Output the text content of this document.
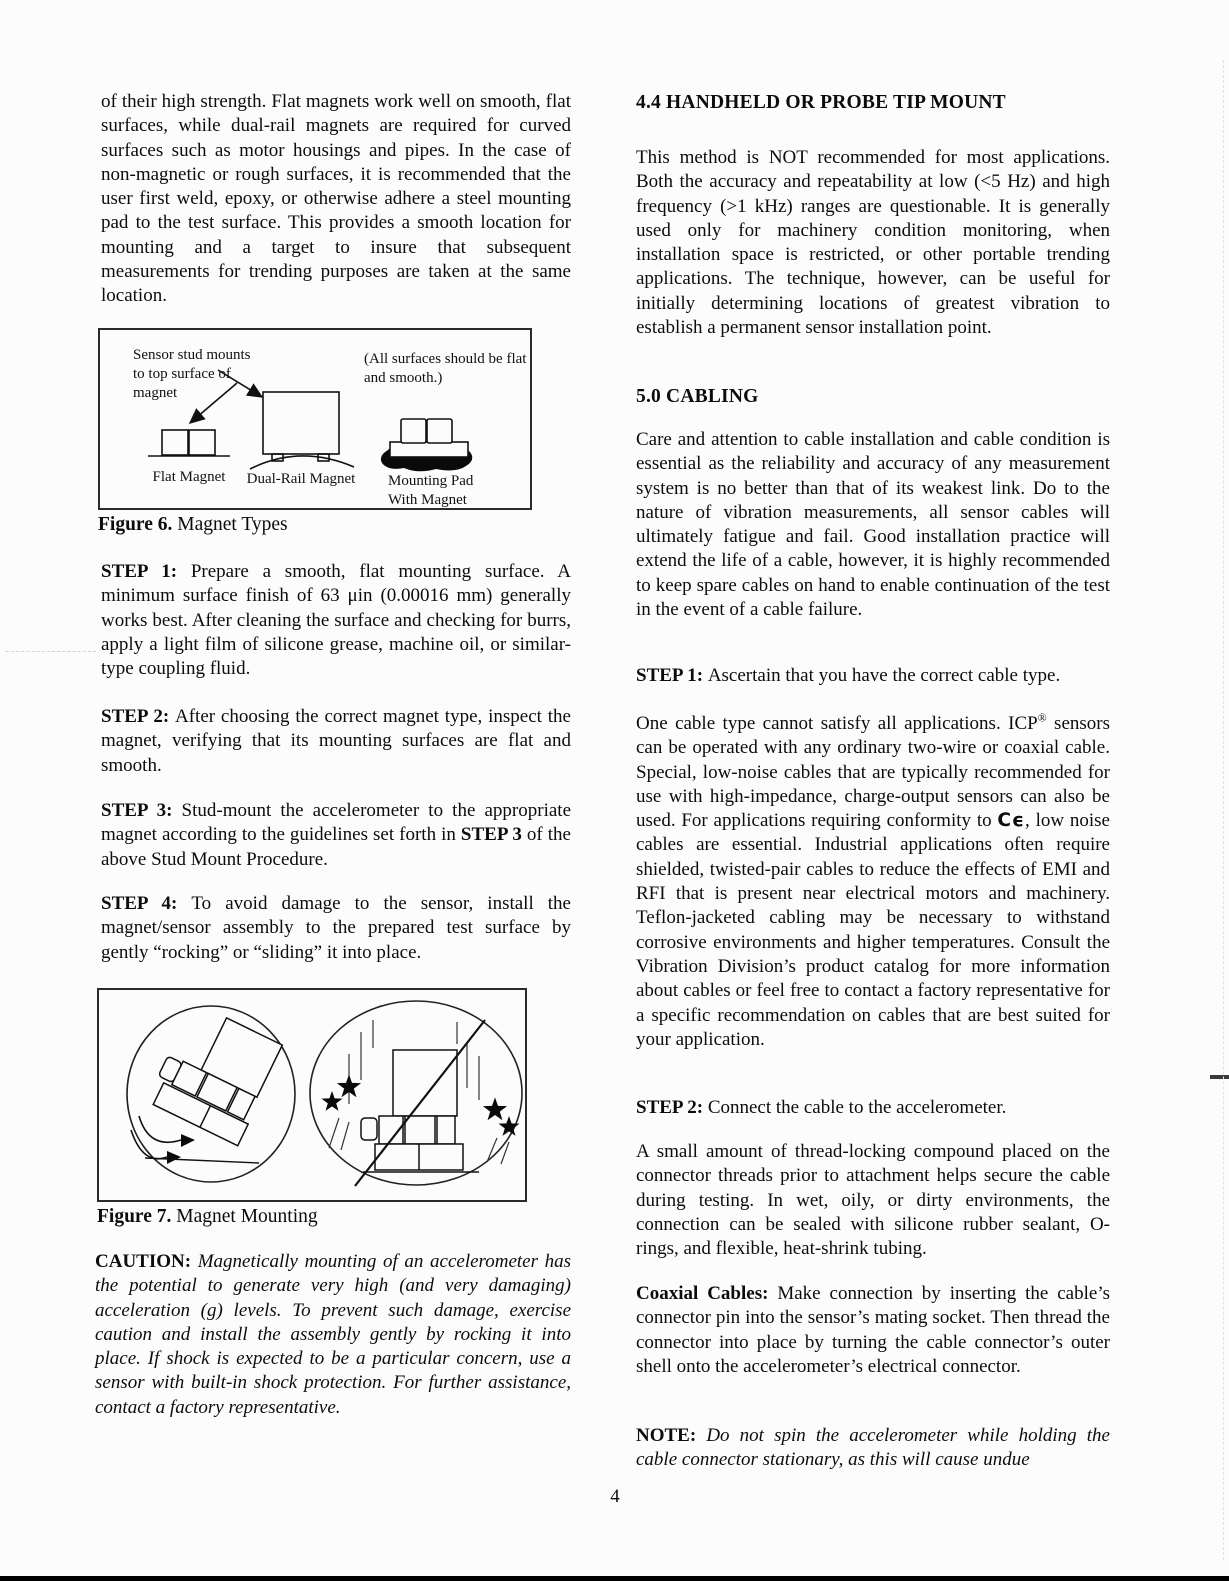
of their high strength. Flat magnets work well on smooth, flat surfaces, while dual-rail magnets are required for curved surfaces such as motor housings and pipes. In the case of non-magnetic or rough surfaces, it is recommended that the user first weld, epoxy, or otherwise adhere a steel mounting pad to the test surface. This provides a smooth location for mounting and a target to insure that subsequent measurements for trending purposes are taken at the same location.
Sensor stud mounts to top surface of magnet
(All surfaces should be flat and smooth.)
Flat Magnet	Dual-Rail Magnet	Mounting Pad With Magnet
Figure 6. Magnet Types
STEP 1: Prepare a smooth, flat mounting surface. A minimum surface finish of 63 μin (0.00016 mm) generally works best. After cleaning the surface and checking for burrs, apply a light film of silicone grease, machine oil, or similar-type coupling fluid.
STEP 2: After choosing the correct magnet type, inspect the magnet, verifying that its mounting surfaces are flat and smooth.
STEP 3: Stud-mount the accelerometer to the appropriate magnet according to the guidelines set forth in STEP 3 of the above Stud Mount Procedure.
STEP 4: To avoid damage to the sensor, install the magnet/sensor assembly to the prepared test surface by gently “rocking” or “sliding” it into place.
Figure 7. Magnet Mounting
CAUTION: Magnetically mounting of an accelerometer has the potential to generate very high (and very damaging) acceleration (g) levels. To prevent such damage, exercise caution and install the assembly gently by rocking it into place. If shock is expected to be a particular concern, use a sensor with built-in shock protection. For further assistance, contact a factory representative.
4.4 HANDHELD OR PROBE TIP MOUNT
This method is NOT recommended for most applications. Both the accuracy and repeatability at low (<5 Hz) and high frequency (>1 kHz) ranges are questionable. It is generally used only for machinery condition monitoring, when installation space is restricted, or other portable trending applications. The technique, however, can be useful for initially determining locations of greatest vibration to establish a permanent sensor installation point.
5.0 CABLING
Care and attention to cable installation and cable condition is essential as the reliability and accuracy of any measurement system is no better than that of its weakest link. Do to the nature of vibration measurements, all sensor cables will ultimately fatigue and fail. Good installation practice will extend the life of a cable, however, it is highly recommended to keep spare cables on hand to enable continuation of the test in the event of a cable failure.
STEP 1: Ascertain that you have the correct cable type.
One cable type cannot satisfy all applications. ICP® sensors can be operated with any ordinary two-wire or coaxial cable. Special, low-noise cables that are typically recommended for use with high-impedance, charge-output sensors can also be used. For applications requiring conformity to Cϵ, low noise cables are essential. Industrial applications often require shielded, twisted-pair cables to reduce the effects of EMI and RFI that is present near electrical motors and machinery. Teflon-jacketed cabling may be necessary to withstand corrosive environments and higher temperatures. Consult the Vibration Division’s product catalog for more information about cables or feel free to contact a factory representative for a specific recommendation on cables that are best suited for your application.
STEP 2: Connect the cable to the accelerometer.
A small amount of thread-locking compound placed on the connector threads prior to attachment helps secure the cable during testing. In wet, oily, or dirty environments, the connection can be sealed with silicone rubber sealant, O-rings, and flexible, heat-shrink tubing.
Coaxial Cables: Make connection by inserting the cable’s connector pin into the sensor’s mating socket. Then thread the connector into place by turning the cable connector’s outer shell onto the accelerometer’s electrical connector.
NOTE: Do not spin the accelerometer while holding the cable connector stationary, as this will cause undue
4
